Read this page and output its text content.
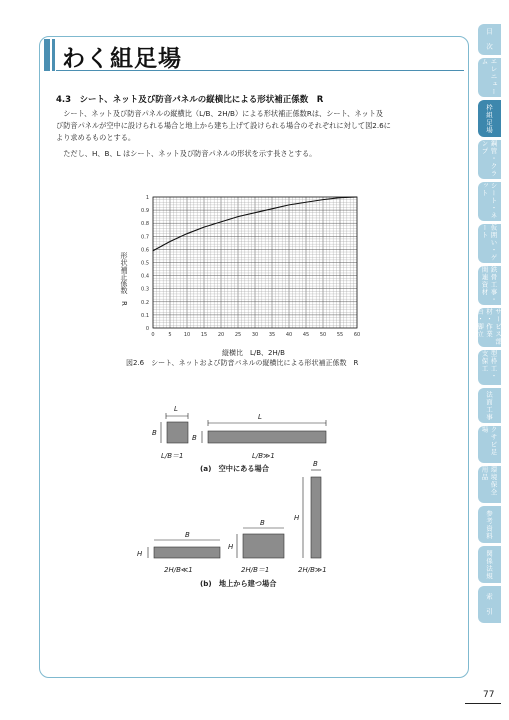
わく組足場
4.3　シート、ネット及び防音パネルの縦横比による形状補正係数　R
　シート、ネット及び防音パネルの縦横比（L/B、2H/B）による形状補正係数Rは、シート、ネット及
び防音パネルが空中に設けられる場合と地上から建ち上げて設けられる場合のそれぞれに対して図2.6に
より求めるものとする。
　ただし、H、B、L はシート、ネット及び防音パネルの形状を示す長さとする。
0	5 10 15 20 25 30 35 40 45 50 55 60
0
0.1
0.2
0.3
0.4
0.5
0.6
0.7
0.8
0.9
1
縦横比　L/B、2H/B
図2.6　シート、ネットおよび防音パネルの縦横比による形状補正係数　R
形状補正係数　R
L
B
L/B＝1
L
B
L/B≫1
(a)　空中にある場合
B
H
2H/B≪1
B
H
2H/B＝1
B
H
2H/B≫1
(b)　地上から建つ場合
目　次
エレニューム
枠組足場
鋼管・クランプ
シート・ネット
仮囲い・ゲート
鉄骨工事・関連資材
サービス部材・作業台・脚立
型枠工・支保工
法面工事
クサビ足場
環境保全用品
参考資料
関係法規
索　引
77
